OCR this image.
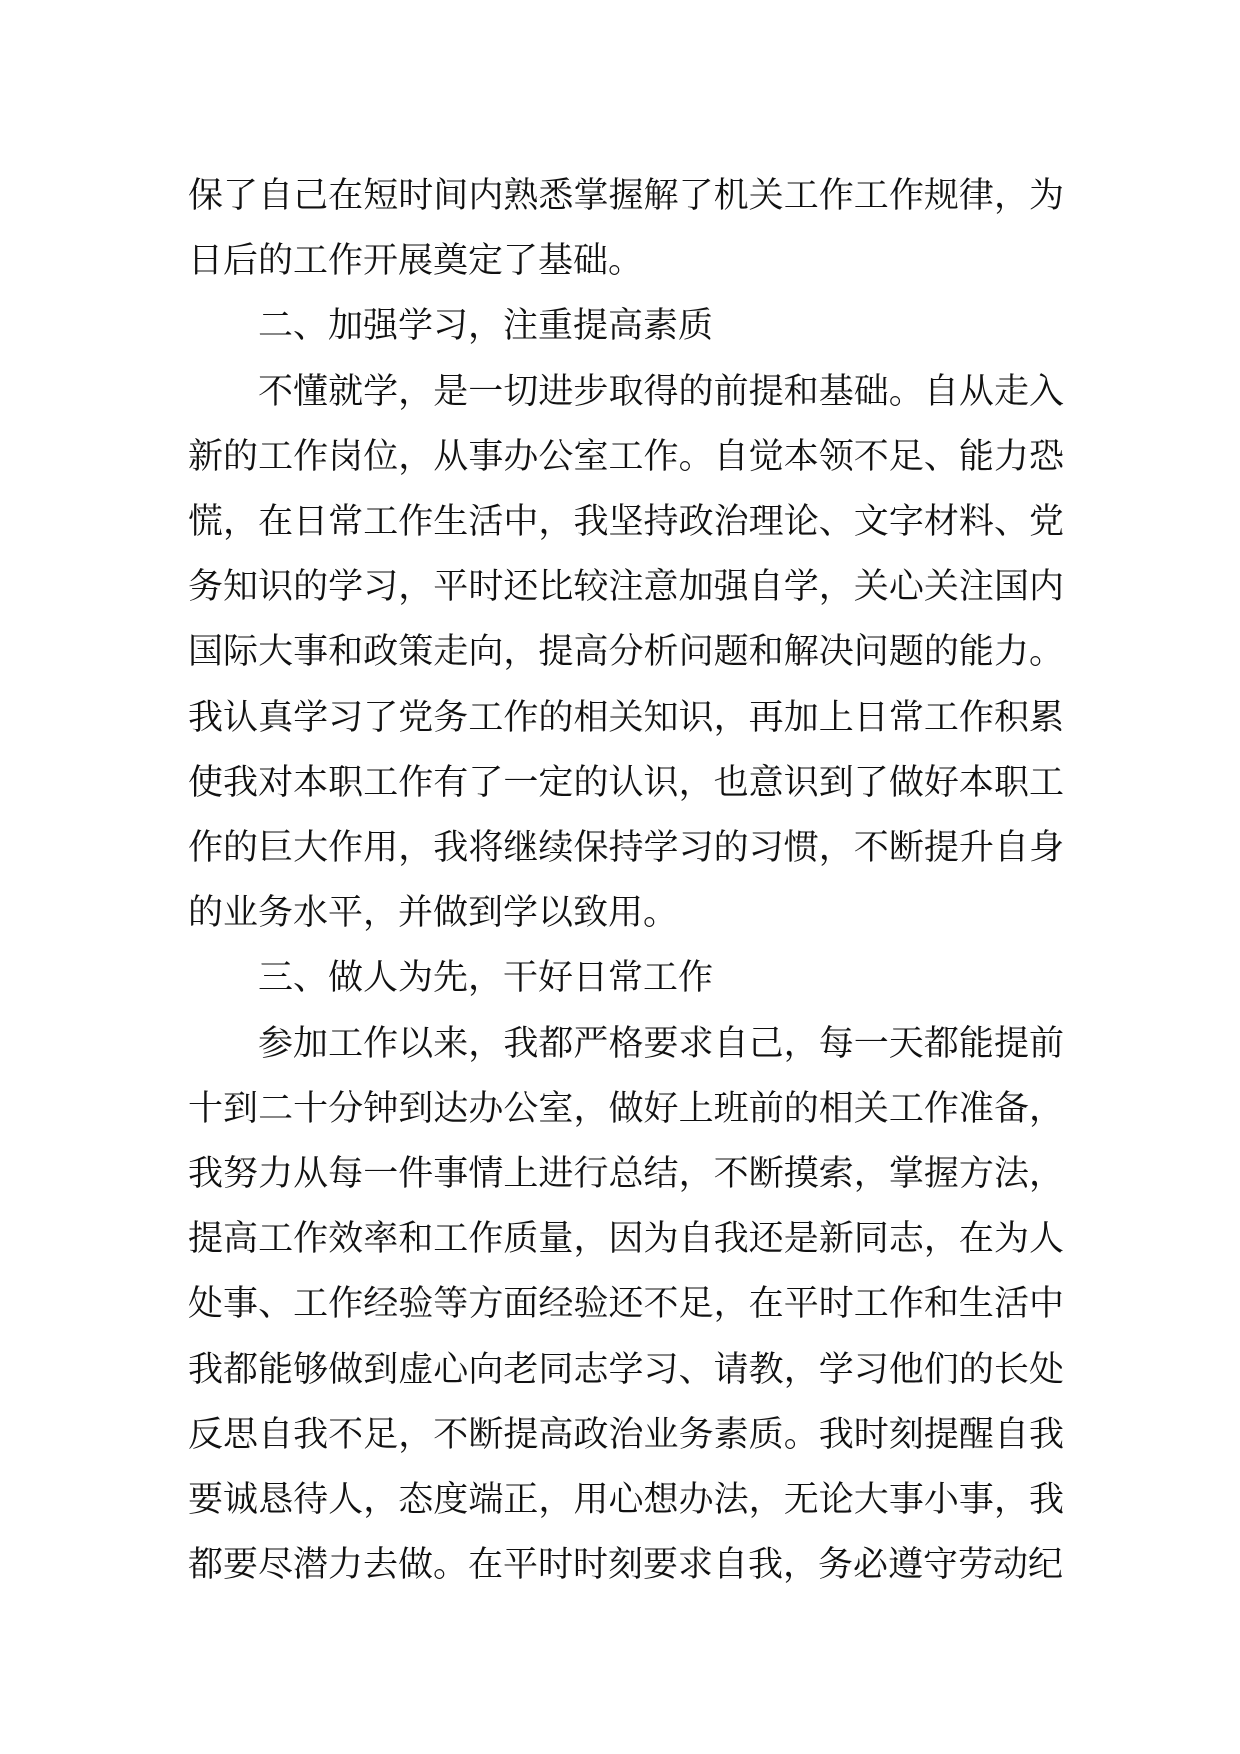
保了自己在短时间内熟悉掌握解了机关工作工作规律，为日后的工作开展奠定了基础。

二、加强学习，注重提高素质

不懂就学，是一切进步取得的前提和基础。自从走入新的工作岗位，从事办公室工作。自觉本领不足、能力恐慌，在日常工作生活中，我坚持政治理论、文字材料、党务知识的学习，平时还比较注意加强自学，关心关注国内国际大事和政策走向，提高分析问题和解决问题的能力。我认真学习了党务工作的相关知识，再加上日常工作积累使我对本职工作有了一定的认识，也意识到了做好本职工作的巨大作用，我将继续保持学习的习惯，不断提升自身的业务水平，并做到学以致用。

三、做人为先，干好日常工作

参加工作以来，我都严格要求自己，每一天都能提前十到二十分钟到达办公室，做好上班前的相关工作准备，我努力从每一件事情上进行总结，不断摸索，掌握方法，提高工作效率和工作质量，因为自我还是新同志，在为人处事、工作经验等方面经验还不足，在平时工作和生活中我都能够做到虚心向老同志学习、请教，学习他们的长处反思自我不足，不断提高政治业务素质。我时刻提醒自我要诚恳待人，态度端正，用心想办法，无论大事小事，我都要尽潜力去做。在平时时刻要求自我，务必遵守劳动纪
